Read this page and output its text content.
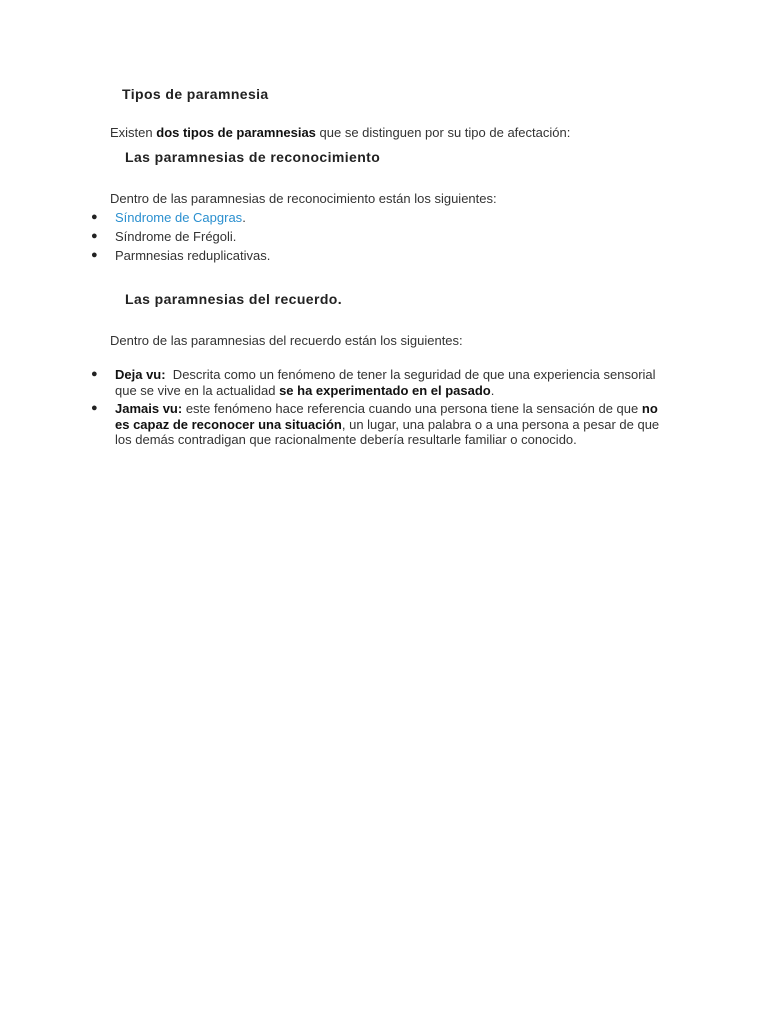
Tipos de paramnesia

Existen dos tipos de paramnesias que se distinguen por su tipo de afectación:

Las paramnesias de reconocimiento

Dentro de las paramnesias de reconocimiento están los siguientes:

● Síndrome de Capgras.
● Síndrome de Frégoli.
● Parmnesias reduplicativas.
Las paramnesias del recuerdo.

Dentro de las paramnesias del recuerdo están los siguientes:

● Deja vu:  Descrita como un fenómeno de tener la seguridad de que una experiencia sensorial que se vive en la actualidad se ha experimentado en el pasado.
● Jamais vu: este fenómeno hace referencia cuando una persona tiene la sensación de que no es capaz de reconocer una situación, un lugar, una palabra o a una persona a pesar de que los demás contradigan que racionalmente debería resultarle familiar o conocido.
